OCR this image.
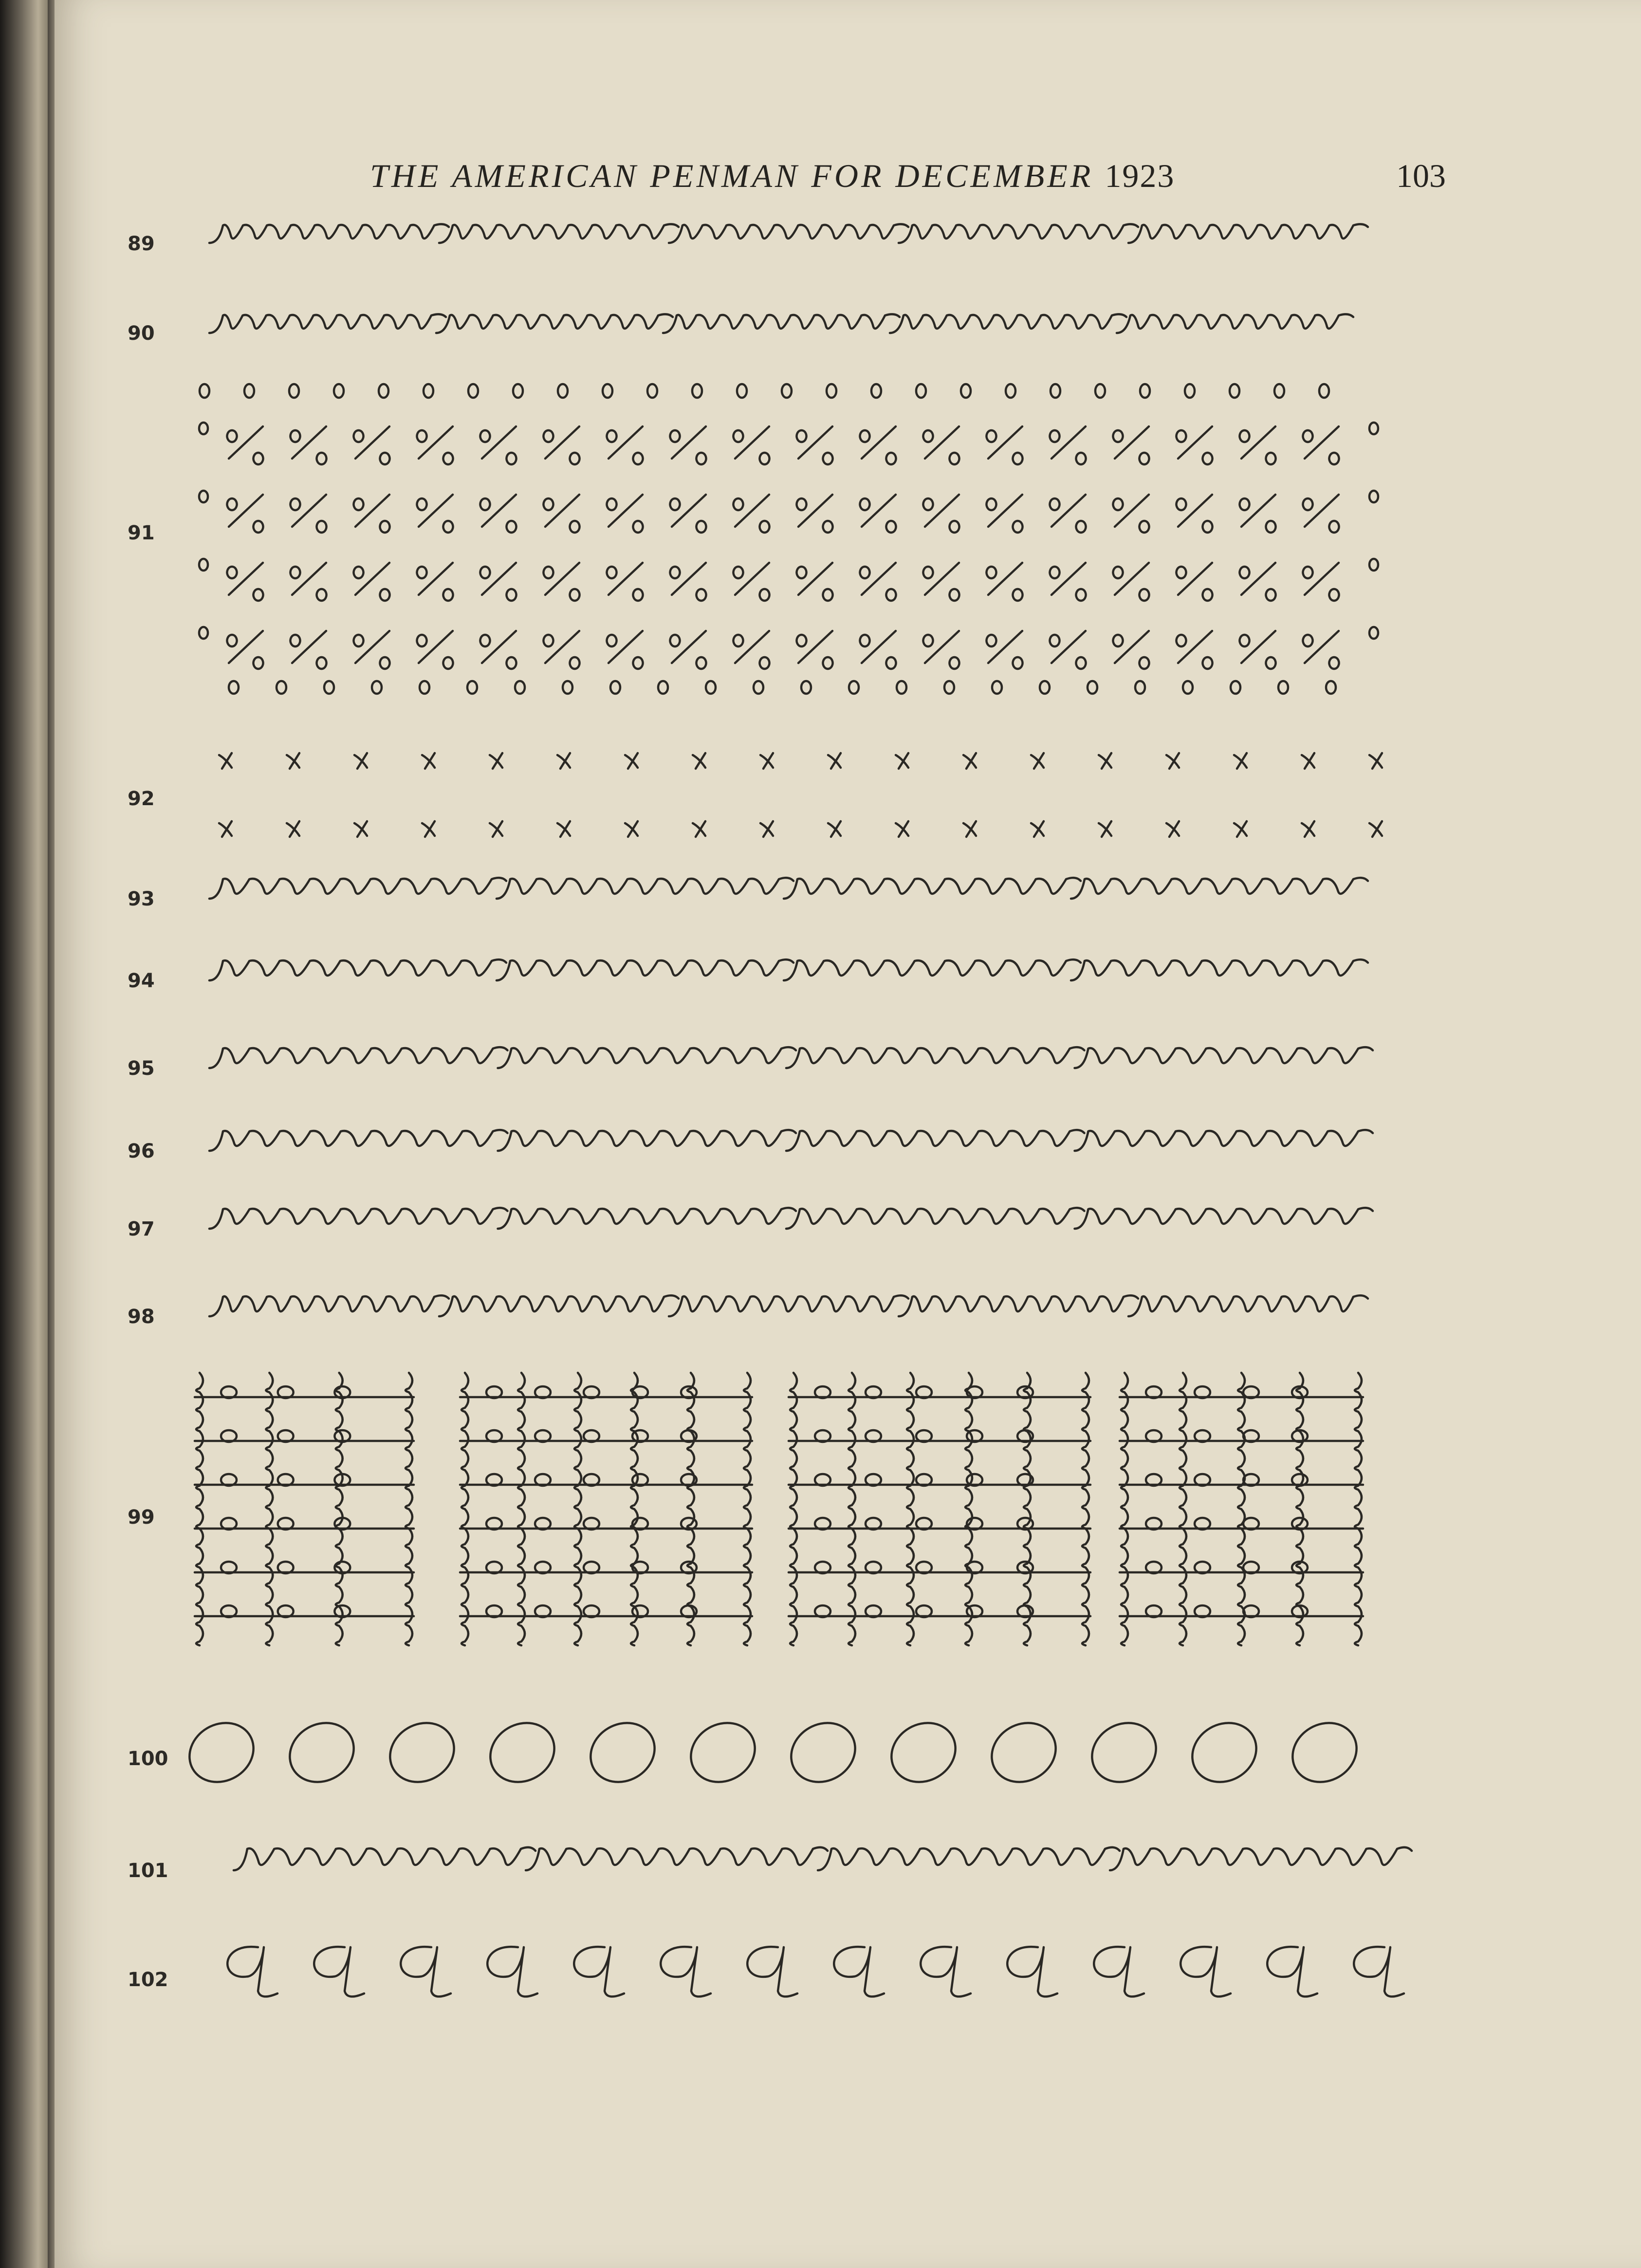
THE AMERICAN PENMAN FOR DECEMBER 1923	103
89
90
91
92
93
94
95
96
97
98
99
100
101
102
